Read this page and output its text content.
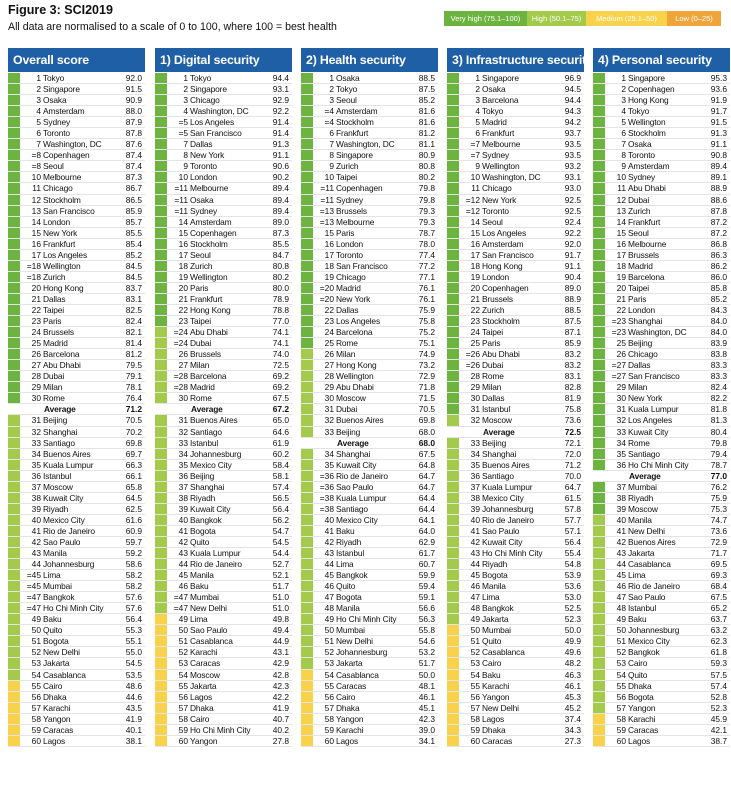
Figure 3: SCI2019
All data are normalised to a scale of 0 to 100, where 100 = best health
Very high (75.1–100)	High (50.1–75)	Medium (25.1–50)	Low (0–25)
Overall score
1 Tokyo	92.0
2 Singapore	91.5
3 Osaka	90.9
4 Amsterdam	88.0
5 Sydney	87.9
6 Toronto	87.8
7 Washington, DC	87.6
=8 Copenhagen	87.4
=8 Seoul	87.4
10 Melbourne	87.3
11 Chicago	86.7
12 Stockholm	86.5
13 San Francisco	85.9
14 London	85.7
15 New York	85.5
16 Frankfurt	85.4
17 Los Angeles	85.2
=18 Wellington	84.5
=18 Zurich	84.5
20 Hong Kong	83.7
21 Dallas	83.1
22 Taipei	82.5
23 Paris	82.4
24 Brussels	82.1
25 Madrid	81.4
26 Barcelona	81.2
27 Abu Dhabi	79.5
28 Dubai	79.1
29 Milan	78.1
30 Rome	76.4
Average	71.2
31 Beijing	70.5
32 Shanghai	70.2
33 Santiago	69.8
34 Buenos Aires	69.7
35 Kuala Lumpur	66.3
36 Istanbul	66.1
37 Moscow	65.8
38 Kuwait City	64.5
39 Riyadh	62.5
40 Mexico City	61.6
41 Rio de Janeiro	60.9
42 Sao Paulo	59.7
43 Manila	59.2
44 Johannesburg	58.6
=45 Lima	58.2
=45 Mumbai	58.2
=47 Bangkok	57.6
=47 Ho Chi Minh City	57.6
49 Baku	56.4
50 Quito	55.3
51 Bogota	55.1
52 New Delhi	55.0
53 Jakarta	54.5
54 Casablanca	53.5
55 Cairo	48.6
56 Dhaka	44.6
57 Karachi	43.5
58 Yangon	41.9
59 Caracas	40.1
60 Lagos	38.1
1) Digital security
1 Tokyo	94.4
2 Singapore	93.1
3 Chicago	92.9
4 Washington, DC	92.2
=5 Los Angeles	91.4
=5 San Francisco	91.4
7 Dallas	91.3
8 New York	91.1
9 Toronto	90.6
10 London	90.2
=11 Melbourne	89.4
=11 Osaka	89.4
=11 Sydney	89.4
14 Amsterdam	89.0
15 Copenhagen	87.3
16 Stockholm	85.5
17 Seoul	84.7
18 Zurich	80.8
19 Wellington	80.2
20 Paris	80.0
21 Frankfurt	78.9
22 Hong Kong	78.8
23 Taipei	77.0
=24 Abu Dhabi	74.1
=24 Dubai	74.1
26 Brussels	74.0
27 Milan	72.5
=28 Barcelona	69.2
=28 Madrid	69.2
30 Rome	67.5
Average	67.2
31 Buenos Aires	65.0
32 Santiago	64.6
33 Istanbul	61.9
34 Johannesburg	60.2
35 Mexico City	58.4
36 Beijing	58.1
37 Shanghai	57.4
38 Riyadh	56.5
39 Kuwait City	56.4
40 Bangkok	56.2
41 Bogota	54.7
42 Quito	54.5
43 Kuala Lumpur	54.4
44 Rio de Janeiro	52.7
45 Manila	52.1
46 Baku	51.7
=47 Mumbai	51.0
=47 New Delhi	51.0
49 Lima	49.8
50 Sao Paulo	49.4
51 Casablanca	44.9
52 Karachi	43.1
53 Caracas	42.9
54 Moscow	42.8
55 Jakarta	42.3
56 Lagos	42.2
57 Dhaka	41.9
58 Cairo	40.7
59 Ho Chi Minh City	40.2
60 Yangon	27.8
2) Health security
1 Osaka	88.5
2 Tokyo	87.5
3 Seoul	85.2
=4 Amsterdam	81.6
=4 Stockholm	81.6
6 Frankfurt	81.2
7 Washington, DC	81.1
8 Singapore	80.9
9 Zurich	80.8
10 Taipei	80.2
=11 Copenhagen	79.8
=11 Sydney	79.8
=13 Brussels	79.3
=13 Melbourne	79.3
15 Paris	78.7
16 London	78.0
17 Toronto	77.4
18 San Francisco	77.2
19 Chicago	77.1
=20 Madrid	76.1
=20 New York	76.1
22 Dallas	75.9
23 Los Angeles	75.8
24 Barcelona	75.2
25 Rome	75.1
26 Milan	74.9
27 Hong Kong	73.2
28 Wellington	72.9
29 Abu Dhabi	71.8
30 Moscow	71.5
31 Dubai	70.5
32 Buenos Aires	69.8
33 Beijing	68.0
Average	68.0
34 Shanghai	67.5
35 Kuwait City	64.8
=36 Rio de Janeiro	64.7
=36 Sao Paulo	64.7
=38 Kuala Lumpur	64.4
=38 Santiago	64.4
40 Mexico City	64.1
41 Baku	64.0
42 Riyadh	62.9
43 Istanbul	61.7
44 Lima	60.7
45 Bangkok	59.9
46 Quito	59.4
47 Bogota	59.1
48 Manila	56.6
49 Ho Chi Minh City	56.3
50 Mumbai	55.8
51 New Delhi	54.6
52 Johannesburg	53.2
53 Jakarta	51.7
54 Casablanca	50.0
55 Caracas	48.1
56 Cairo	46.1
57 Dhaka	45.1
58 Yangon	42.3
59 Karachi	39.0
60 Lagos	34.1
3) Infrastructure security
1 Singapore	96.9
2 Osaka	94.5
3 Barcelona	94.4
4 Tokyo	94.3
5 Madrid	94.2
6 Frankfurt	93.7
=7 Melbourne	93.5
=7 Sydney	93.5
9 Wellington	93.2
10 Washington, DC	93.1
11 Chicago	93.0
=12 New York	92.5
=12 Toronto	92.5
14 Seoul	92.4
15 Los Angeles	92.2
16 Amsterdam	92.0
17 San Francisco	91.7
18 Hong Kong	91.1
19 London	90.4
20 Copenhagen	89.0
21 Brussels	88.9
22 Zurich	88.5
23 Stockholm	87.5
24 Taipei	87.1
25 Paris	85.9
=26 Abu Dhabi	83.2
=26 Dubai	83.2
28 Rome	83.1
29 Milan	82.8
30 Dallas	81.9
31 Istanbul	75.8
32 Moscow	73.6
Average	72.5
33 Beijing	72.1
34 Shanghai	72.0
35 Buenos Aires	71.2
36 Santiago	70.0
37 Kuala Lumpur	64.7
38 Mexico City	61.5
39 Johannesburg	57.8
40 Rio de Janeiro	57.7
41 Sao Paulo	57.1
42 Kuwait City	56.4
43 Ho Chi Minh City	55.4
44 Riyadh	54.8
45 Bogota	53.9
46 Manila	53.6
47 Lima	53.0
48 Bangkok	52.5
49 Jakarta	52.3
50 Mumbai	50.0
51 Quito	49.9
52 Casablanca	49.6
53 Cairo	48.2
54 Baku	46.3
55 Karachi	46.1
56 Yangon	45.3
57 New Delhi	45.2
58 Lagos	37.4
59 Dhaka	34.3
60 Caracas	27.3
4) Personal security
1 Singapore	95.3
2 Copenhagen	93.6
3 Hong Kong	91.9
4 Tokyo	91.7
5 Wellington	91.5
6 Stockholm	91.3
7 Osaka	91.1
8 Toronto	90.8
9 Amsterdam	89.4
10 Sydney	89.1
11 Abu Dhabi	88.9
12 Dubai	88.6
13 Zurich	87.8
14 Frankfurt	87.2
15 Seoul	87.2
16 Melbourne	86.8
17 Brussels	86.3
18 Madrid	86.2
19 Barcelona	86.0
20 Taipei	85.8
21 Paris	85.2
22 London	84.3
=23 Shanghai	84.0
=23 Washington, DC	84.0
25 Beijing	83.9
26 Chicago	83.8
=27 Dallas	83.3
=27 San Francisco	83.3
29 Milan	82.4
30 New York	82.2
31 Kuala Lumpur	81.8
32 Los Angeles	81.3
33 Kuwait City	80.4
34 Rome	79.8
35 Santiago	79.4
36 Ho Chi Minh City	78.7
Average	77.0
37 Mumbai	76.2
38 Riyadh	75.9
39 Moscow	75.3
40 Manila	74.7
41 New Delhi	73.6
42 Buenos Aires	72.9
43 Jakarta	71.7
44 Casablanca	69.5
45 Lima	69.3
46 Rio de Janeiro	68.4
47 Sao Paulo	67.5
48 Istanbul	65.2
49 Baku	63.7
50 Johannesburg	63.2
51 Mexico City	62.3
52 Bangkok	61.8
53 Cairo	59.3
54 Quito	57.5
55 Dhaka	57.4
56 Bogota	52.8
57 Yangon	52.3
58 Karachi	45.9
59 Caracas	42.1
60 Lagos	38.7
